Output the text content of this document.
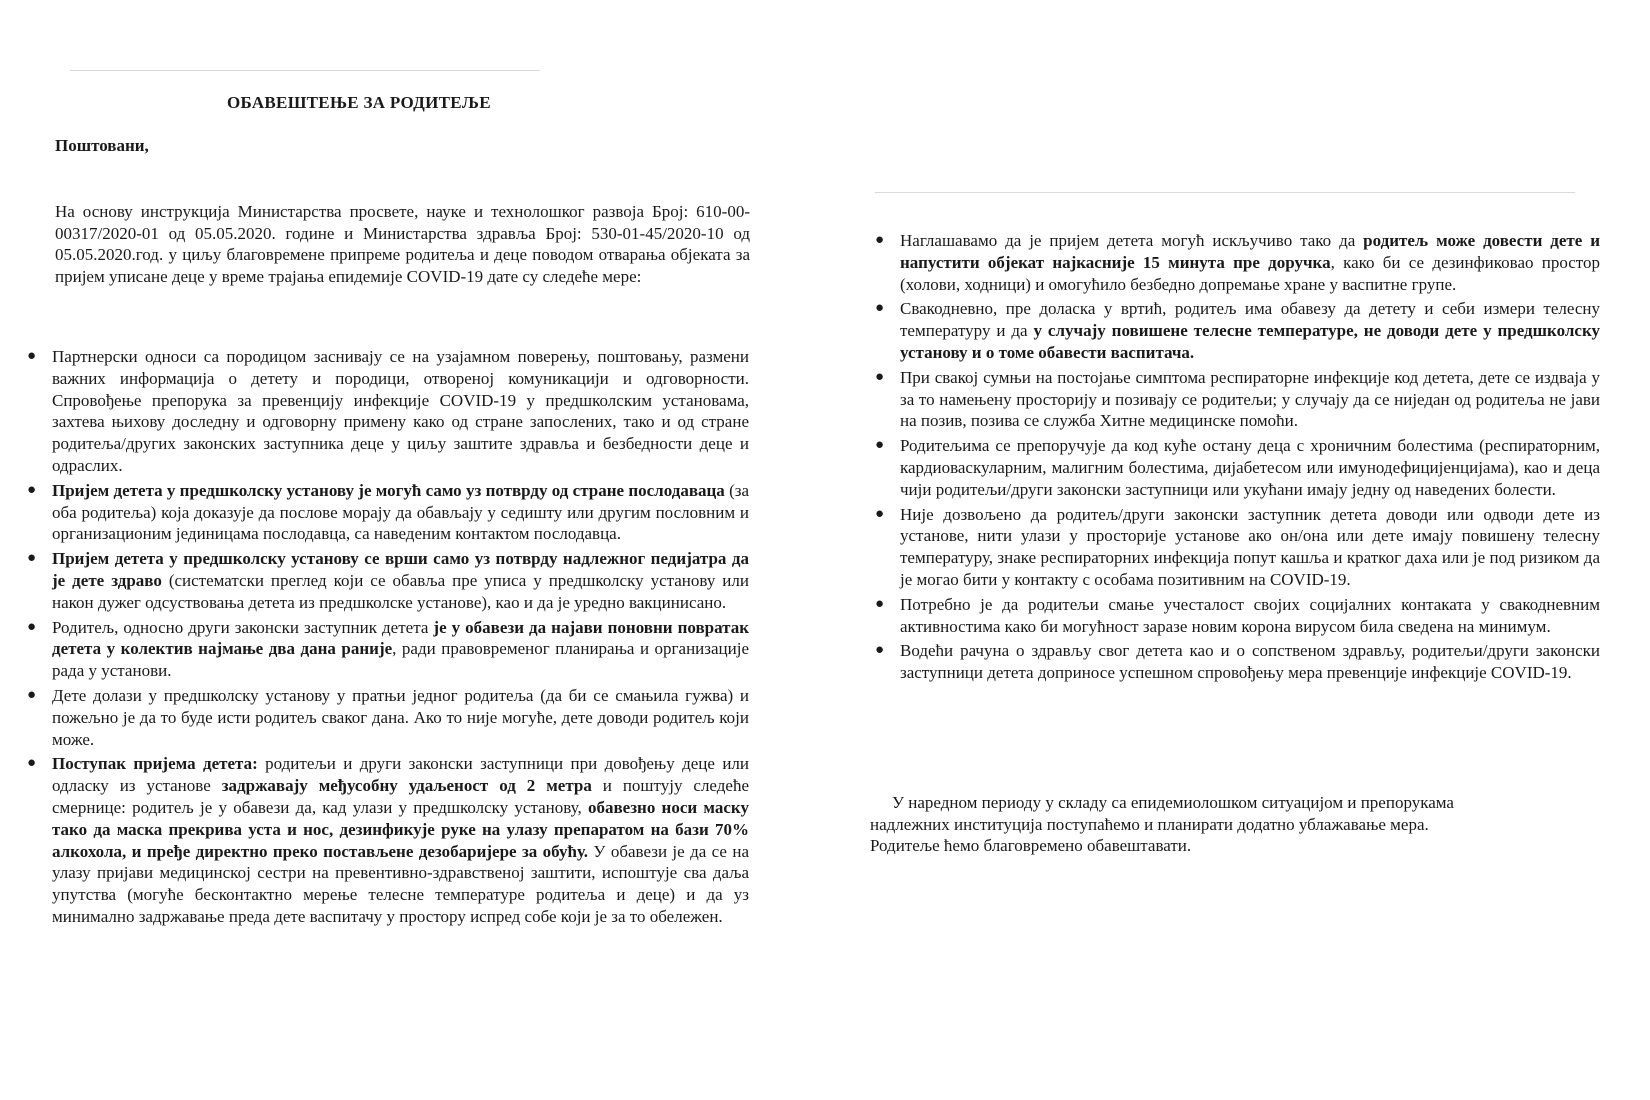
ОБАВЕШТЕЊЕ ЗА РОДИТЕЉЕ

Поштовани,

На основу инструкција Министарства просвете, науке и технолошког развоја Број: 610-00-00317/2020-01 од 05.05.2020. године и Министарства здравља Број: 530-01-45/2020-10 од 05.05.2020.год. у циљу благовремене припреме родитеља и деце поводом отварања објеката за пријем уписане деце у време трајања епидемије COVID-19 дате су следеће мере:

● Партнерски односи са породицом заснивају се на узајамном поверењу, поштовању, размени важних информација о детету и породици, отвореној комуникацији и одговорности. Спровођење препорука за превенцију инфекције COVID-19 у предшколским установама, захтева њихову доследну и одговорну примену како од стране запослених, тако и од стране родитеља/других законских заступника деце у циљу заштите здравља и безбедности деце и одраслих.
● Пријем детета у предшколску установу је могућ само уз потврду од стране послодаваца (за оба родитеља) која доказује да послове морају да обављају у седишту или другим пословним и организационим јединицама послодавца, са наведеним контактом послодавца.
● Пријем детета у предшколску установу се врши само уз потврду надлежног педијатра да је дете здраво (систематски преглед који се обавља пре уписа у предшколску установу или након дужег одсуствовања детета из предшколске установе), као и да је уредно вакцинисано.
● Родитељ, односно други законски заступник детета је у обавези да најави поновни повратак детета у колектив најмање два дана раније, ради правовременог планирања и организације рада у установи.
● Дете долази у предшколску установу у пратњи једног родитеља (да би се смањила гужва) и пожељно је да то буде исти родитељ сваког дана. Ако то није могуће, дете доводи родитељ који може.
● Поступак пријема детета: родитељи и други законски заступници при довођењу деце или одласку из установе задржавају међусобну удаљеност од 2 метра и поштују следеће смернице: родитељ је у обавези да, кад улази у предшколску установу, обавезно носи маску тако да маска прекрива уста и нос, дезинфикује руке на улазу препаратом на бази 70% алкохола, и пређе директно преко постављене дезобаријере за обућу. У обавези је да се на улазу пријави медицинској сестри на превентивно-здравственој заштити, испоштује сва даља упутства (могуће бесконтактно мерење телесне температуре родитеља и деце) и да уз минимално задржавање преда дете васпитачу у простору испред собе који је за то обележен.
● Наглашавамо да је пријем детета могућ искључиво тако да родитељ може довести дете и напустити објекат најкасније 15 минута пре доручка, како би се дезинфиковао простор (холови, ходници) и омогућило безбедно допремање хране у васпитне групе.
● Свакодневно, пре доласка у вртић, родитељ има обавезу да детету и себи измери телесну температуру и да у случају повишене телесне температуре, не доводи дете у предшколску установу и о томе обавести васпитача.
● При свакој сумњи на постојање симптома респираторне инфекције код детета, дете се издваја у за то намењену просторију и позивају се родитељи; у случају да се ниједан од родитеља не јави на позив, позива се служба Хитне медицинске помоћи.
● Родитељима се препоручује да код куће остану деца с хроничним болестима (респираторним, кардиоваскуларним, малигним болестима, дијабетесом или имунодефицијенцијама), као и деца чији родитељи/други законски заступници или укућани имају једну од наведених болести.
● Није дозвољено да родитељ/други законски заступник детета доводи или одводи дете из установе, нити улази у просторије установе ако он/она или дете имају повишену телесну температуру, знаке респираторних инфекција попут кашља и кратког даха или је под ризиком да је могао бити у контакту с особама позитивним на COVID-19.
● Потребно је да родитељи смање учесталост својих социјалних контаката у свакодневним активностима како би могућност заразе новим корона вирусом била сведена на минимум.
● Водећи рачуна о здрављу свог детета као и о сопственом здрављу, родитељи/други законски заступници детета доприносе успешном спровођењу мера превенције инфекције COVID-19.

У наредном периоду у складу са епидемиолошком ситуацијом и препорукама
надлежних институција поступаћемо и планирати додатно ублажавање мера.
Родитеље ћемо благовремено обавештавати.
